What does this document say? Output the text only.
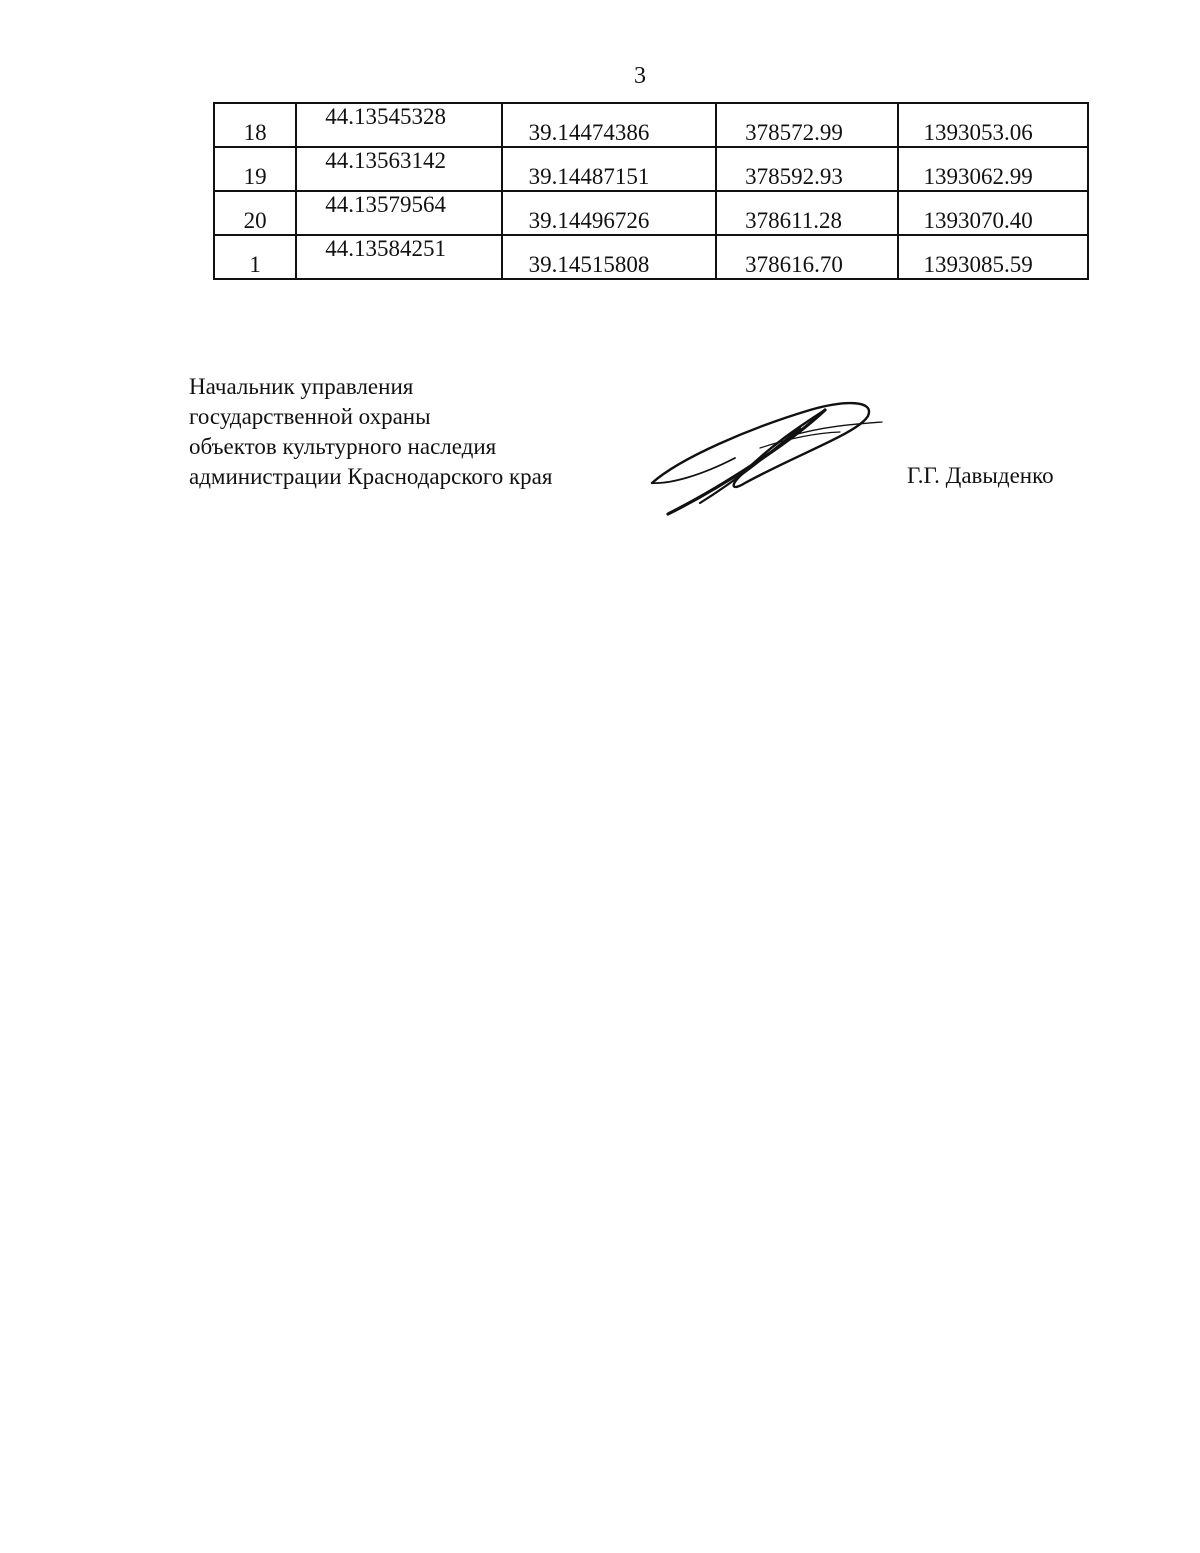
3
18	44.13545328	39.14474386	378572.99	1393053.06
19	44.13563142	39.14487151	378592.93	1393062.99
20	44.13579564	39.14496726	378611.28	1393070.40
1	44.13584251	39.14515808	378616.70	1393085.59
Начальник управления
государственной охраны
объектов культурного наследия
администрации Краснодарского края	Г.Г. Давыденко
